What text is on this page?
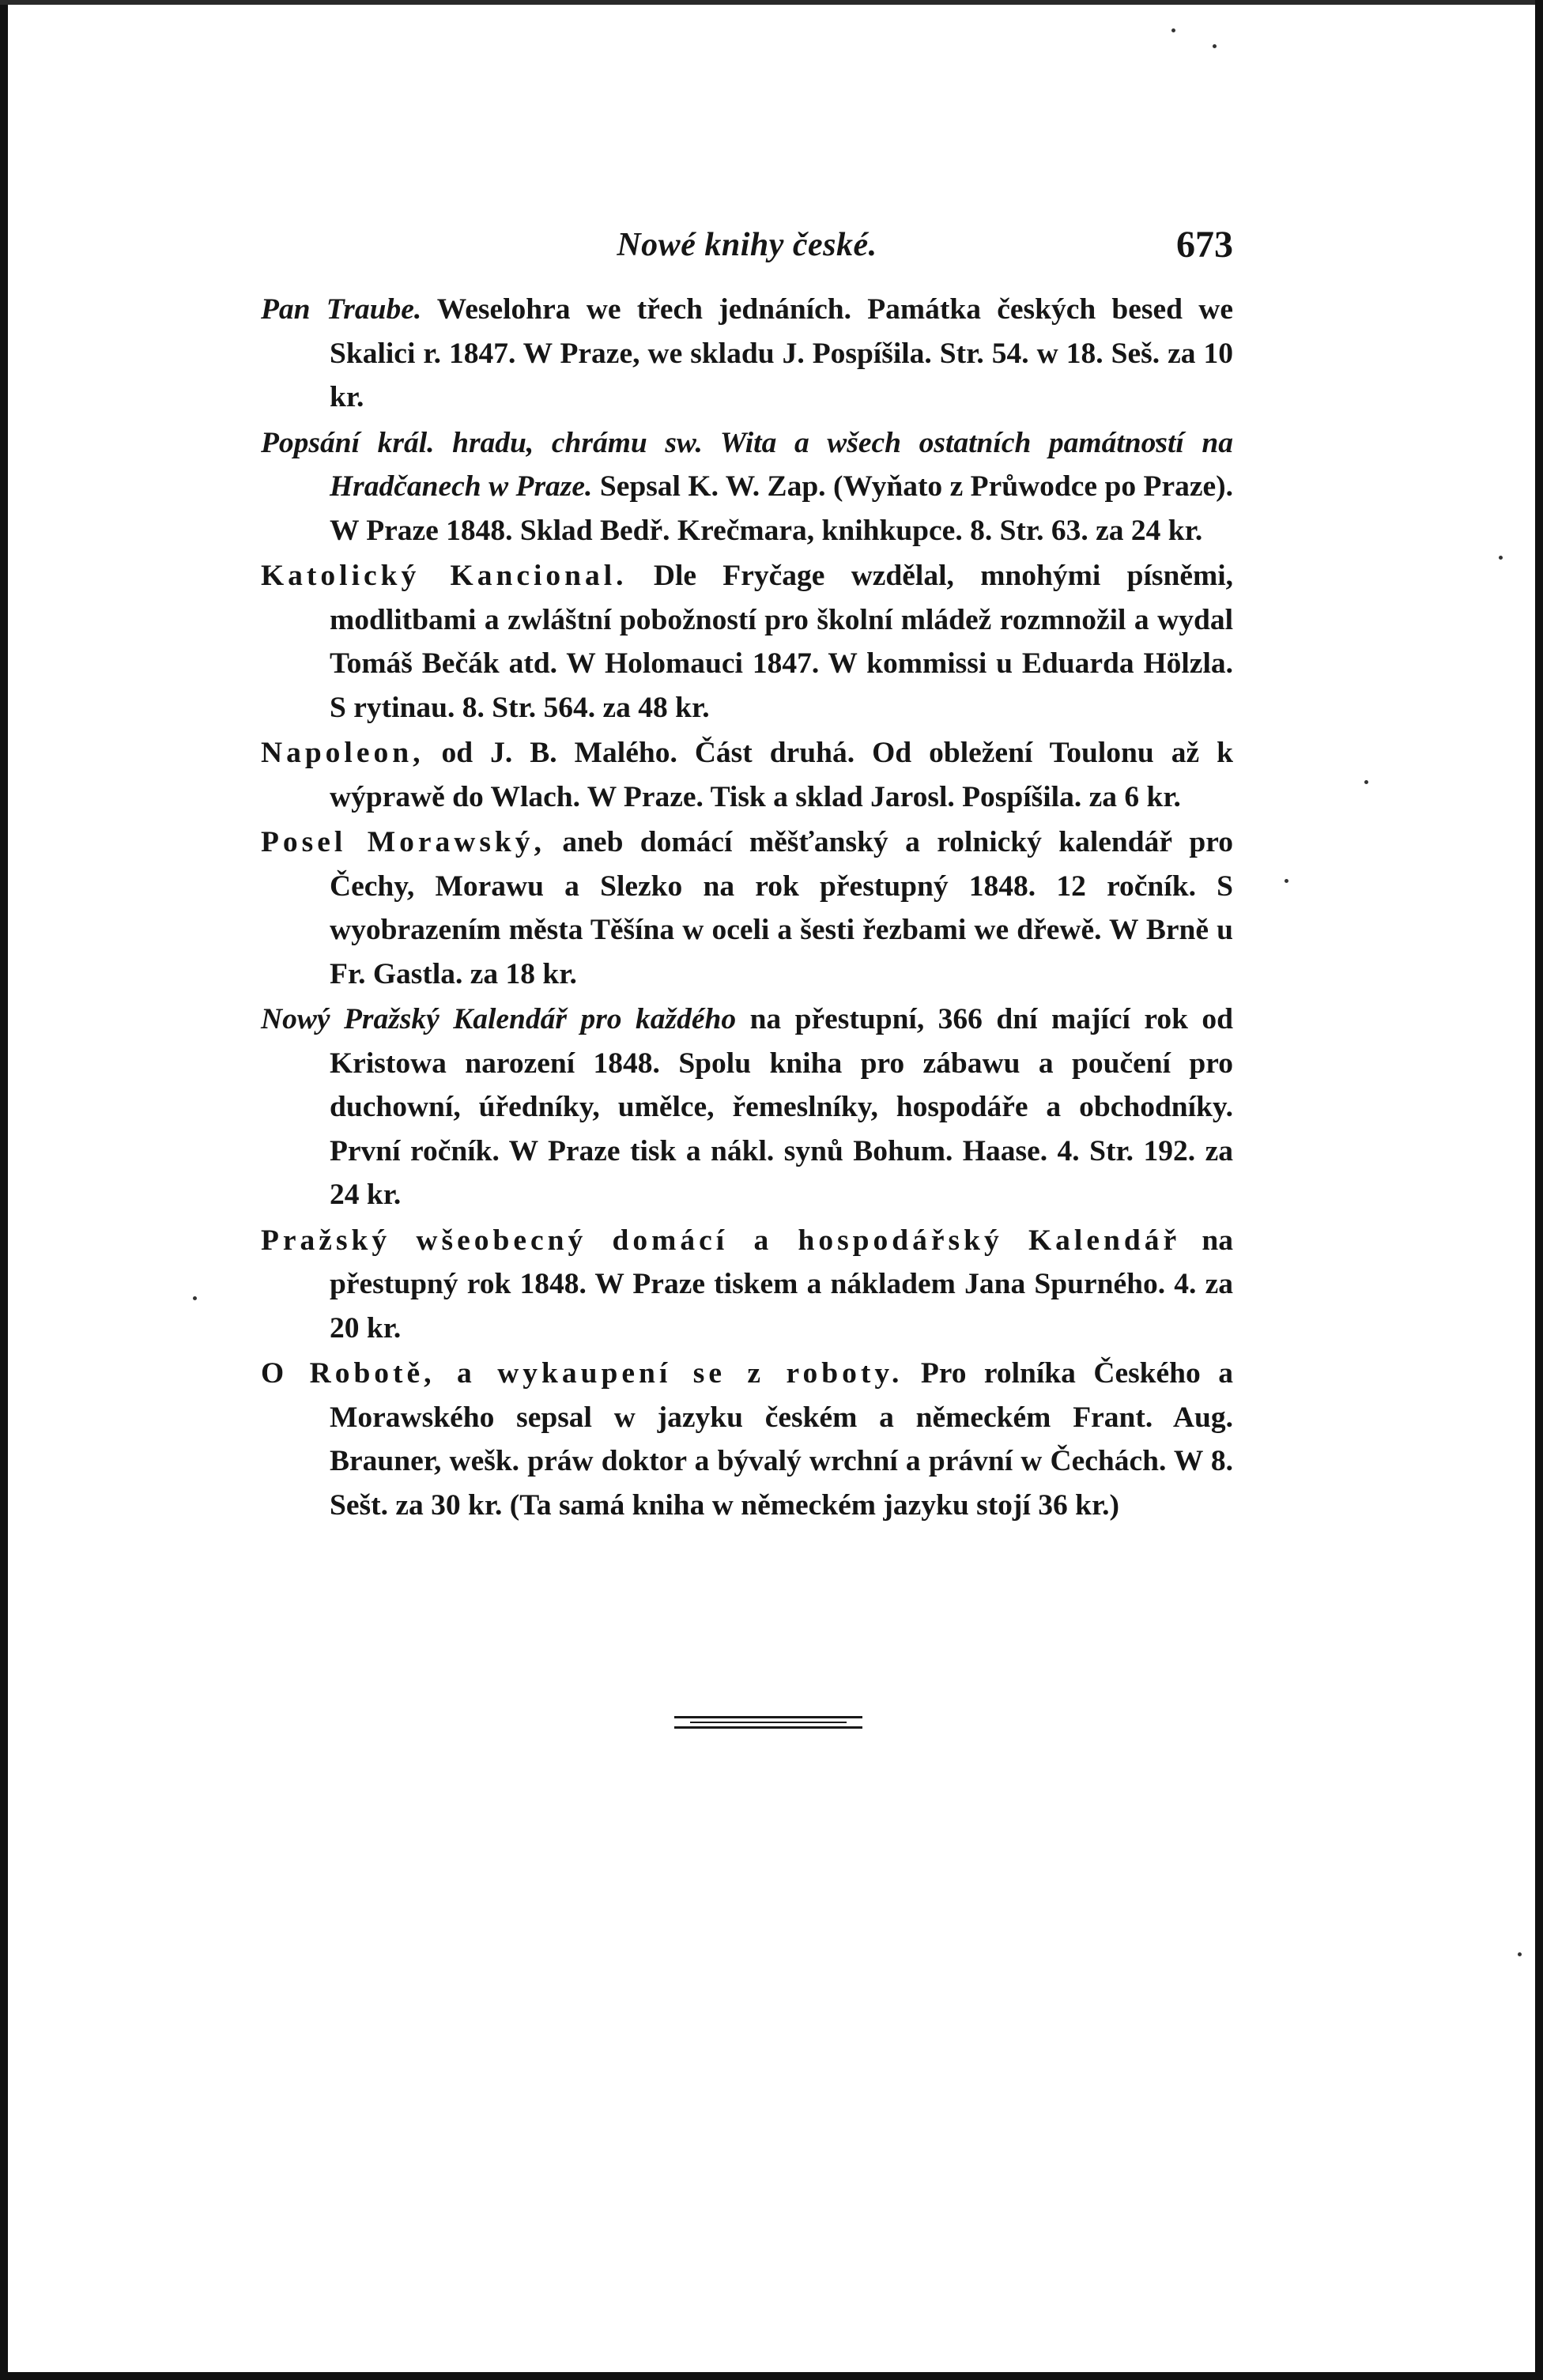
Nowé knihy české.	673

Pan Traube. Weselohra we třech jednáních. Památka českých besed we Skalici r. 1847. W Praze, we skladu J. Pospíšila. Str. 54. w 18. Seš. za 10 kr.

Popsání král. hradu, chrámu sw. Wita a wšech ostatních památností na Hradčanech w Praze. Sepsal K. W. Zap. (Wyňato z Průwodce po Praze). W Praze 1848. Sklad Bedř. Krečmara, knihkupce. 8. Str. 63. za 24 kr.

Katolický Kancional. Dle Fryčage wzdělal, mnohými písněmi, modlitbami a zwláštní pobožností pro školní mládež rozmnožil a wydal Tomáš Bečák atd. W Holomauci 1847. W kommissi u Eduarda Hölzla. S rytinau. 8. Str. 564. za 48 kr.

Napoleon, od J. B. Malého. Část druhá. Od obležení Toulonu až k wýprawě do Wlach. W Praze. Tisk a sklad Jarosl. Pospíšila. za 6 kr.

Posel Morawský, aneb domácí měšťanský a rolnický kalendář pro Čechy, Morawu a Slezko na rok přestupný 1848. 12 ročník. S wyobrazením města Těšína w oceli a šesti řezbami we dřewě. W Brně u Fr. Gastla. za 18 kr.

Nowý Pražský Kalendář pro každého na přestupní, 366 dní mající rok od Kristowa narození 1848. Spolu kniha pro zábawu a poučení pro duchowní, úředníky, umělce, řemeslníky, hospodáře a obchodníky. První ročník. W Praze tisk a nákl. synů Bohum. Haase. 4. Str. 192. za 24 kr.

Pražský wšeobecný domácí a hospodářský Kalendář na přestupný rok 1848. W Praze tiskem a nákladem Jana Spurného. 4. za 20 kr.

O Robotě, a wykaupení se z roboty. Pro rolníka Českého a Morawského sepsal w jazyku českém a německém Frant. Aug. Brauner, wešk. práw doktor a bývalý wrchní a právní w Čechách. W 8. Sešt. za 30 kr. (Ta samá kniha w německém jazyku stojí 36 kr.)
